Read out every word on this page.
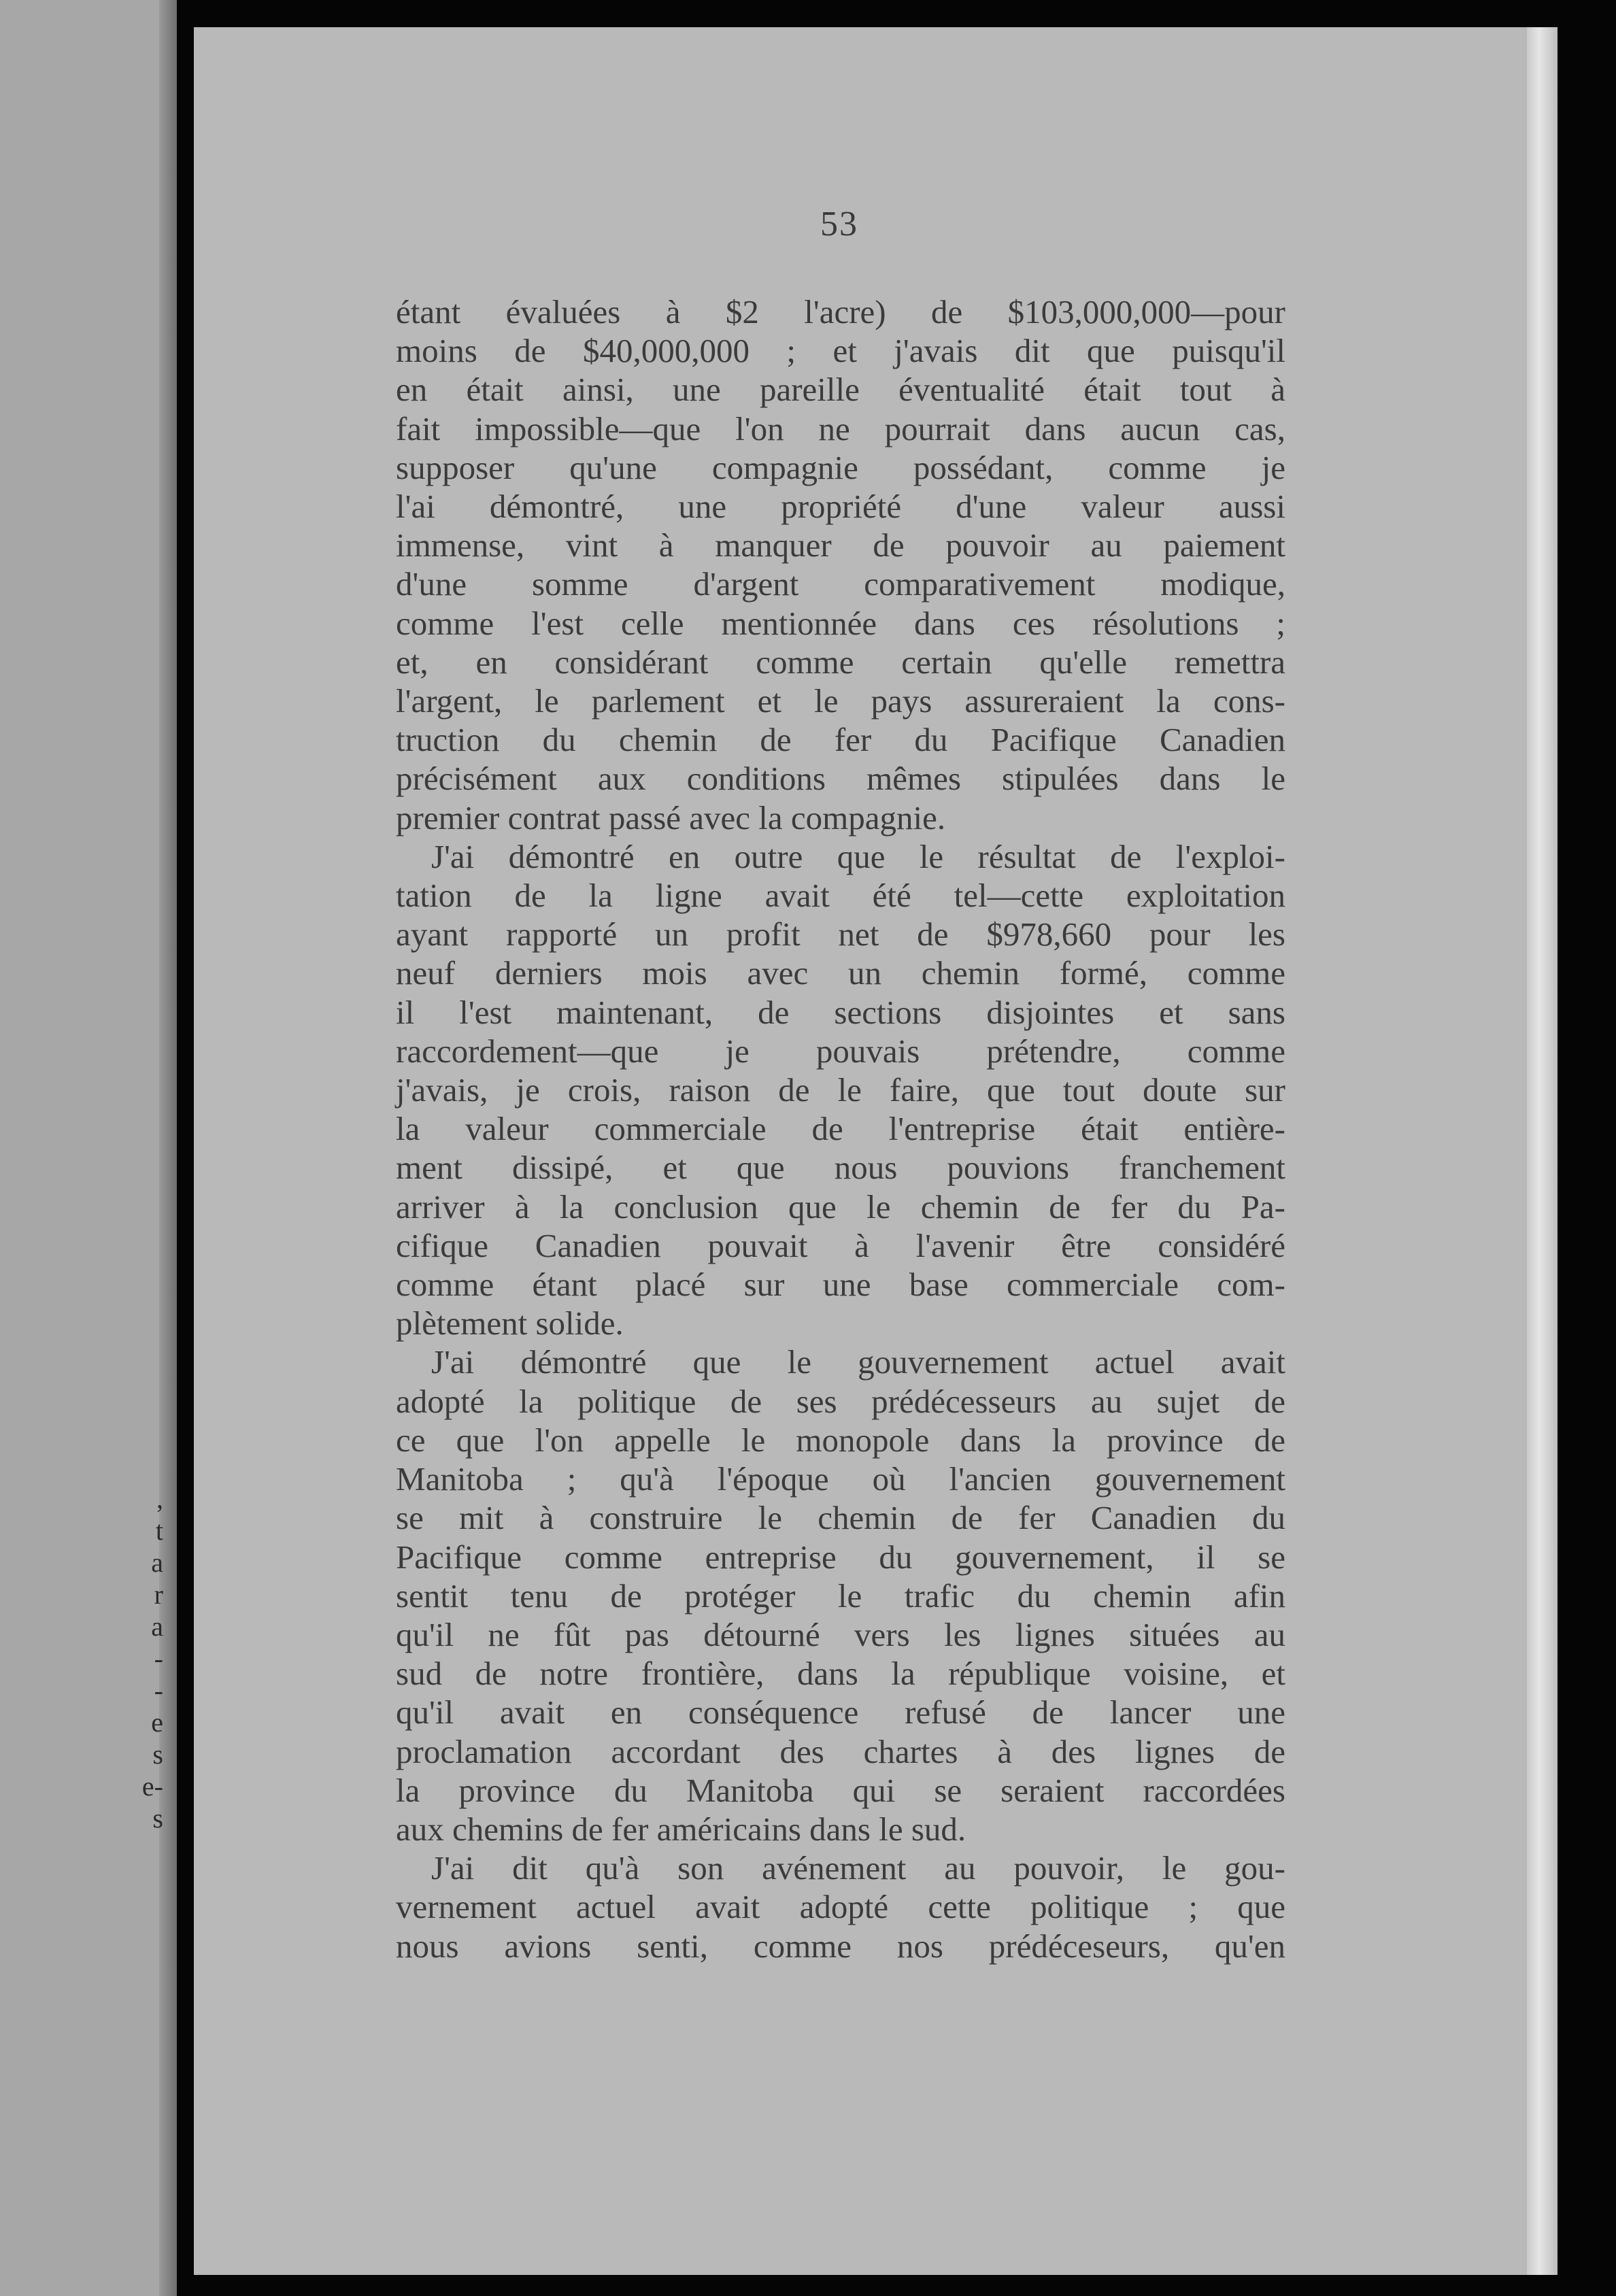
,
t
a
r
a
-
-
e
s
e-
s
53
étant évaluées à $2 l'acre) de $103,000,000—pour
moins de $40,000,000 ; et j'avais dit que puisqu'il
en était ainsi, une pareille éventualité était tout à
fait impossible—que l'on ne pourrait dans aucun cas,
supposer qu'une compagnie possédant, comme je
l'ai démontré, une propriété d'une valeur aussi
immense, vint à manquer de pouvoir au paiement
d'une somme d'argent comparativement modique,
comme l'est celle mentionnée dans ces résolutions ;
et, en considérant comme certain qu'elle remettra
l'argent, le parlement et le pays assureraient la cons-
truction du chemin de fer du Pacifique Canadien
précisément aux conditions mêmes stipulées dans le
premier contrat passé avec la compagnie.
J'ai démontré en outre que le résultat de l'exploi-
tation de la ligne avait été tel—cette exploitation
ayant rapporté un profit net de $978,660 pour les
neuf derniers mois avec un chemin formé, comme
il l'est maintenant, de sections disjointes et sans
raccordement—que je pouvais prétendre, comme
j'avais, je crois, raison de le faire, que tout doute sur
la valeur commerciale de l'entreprise était entière-
ment dissipé, et que nous pouvions franchement
arriver à la conclusion que le chemin de fer du Pa-
cifique Canadien pouvait à l'avenir être considéré
comme étant placé sur une base commerciale com-
plètement solide.
J'ai démontré que le gouvernement actuel avait
adopté la politique de ses prédécesseurs au sujet de
ce que l'on appelle le monopole dans la province de
Manitoba ; qu'à l'époque où l'ancien gouvernement
se mit à construire le chemin de fer Canadien du
Pacifique comme entreprise du gouvernement, il se
sentit tenu de protéger le trafic du chemin afin
qu'il ne fût pas détourné vers les lignes situées au
sud de notre frontière, dans la république voisine, et
qu'il avait en conséquence refusé de lancer une
proclamation accordant des chartes à des lignes de
la province du Manitoba qui se seraient raccordées
aux chemins de fer américains dans le sud.
J'ai dit qu'à son avénement au pouvoir, le gou-
vernement actuel avait adopté cette politique ; que
nous avions senti, comme nos prédéceseurs, qu'en
